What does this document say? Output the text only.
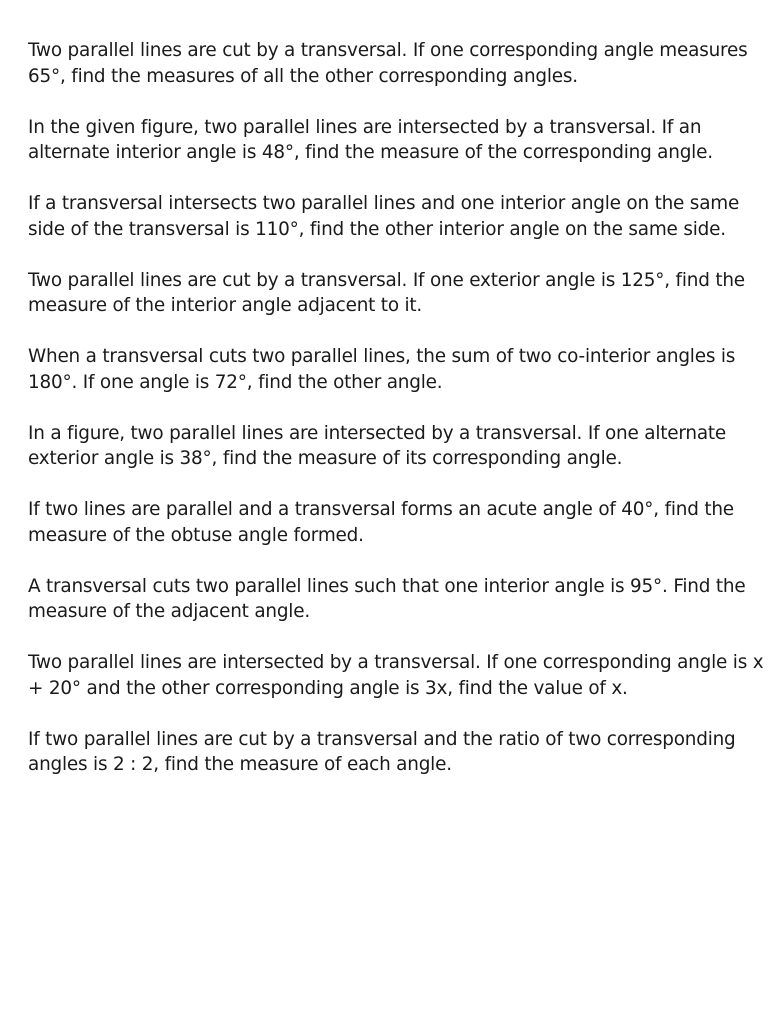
Two parallel lines are cut by a transversal. If one corresponding angle measures 65°, find the measures of all the other corresponding angles.
In the given figure, two parallel lines are intersected by a transversal. If an alternate interior angle is 48°, find the measure of the corresponding angle.
If a transversal intersects two parallel lines and one interior angle on the same side of the transversal is 110°, find the other interior angle on the same side.
Two parallel lines are cut by a transversal. If one exterior angle is 125°, find the measure of the interior angle adjacent to it.
When a transversal cuts two parallel lines, the sum of two co-interior angles is 180°. If one angle is 72°, find the other angle.
In a figure, two parallel lines are intersected by a transversal. If one alternate exterior angle is 38°, find the measure of its corresponding angle.
If two lines are parallel and a transversal forms an acute angle of 40°, find the measure of the obtuse angle formed.
A transversal cuts two parallel lines such that one interior angle is 95°. Find the measure of the adjacent angle.
Two parallel lines are intersected by a transversal. If one corresponding angle is x + 20° and the other corresponding angle is 3x, find the value of x.
If two parallel lines are cut by a transversal and the ratio of two corresponding angles is 2 : 2, find the measure of each angle.
